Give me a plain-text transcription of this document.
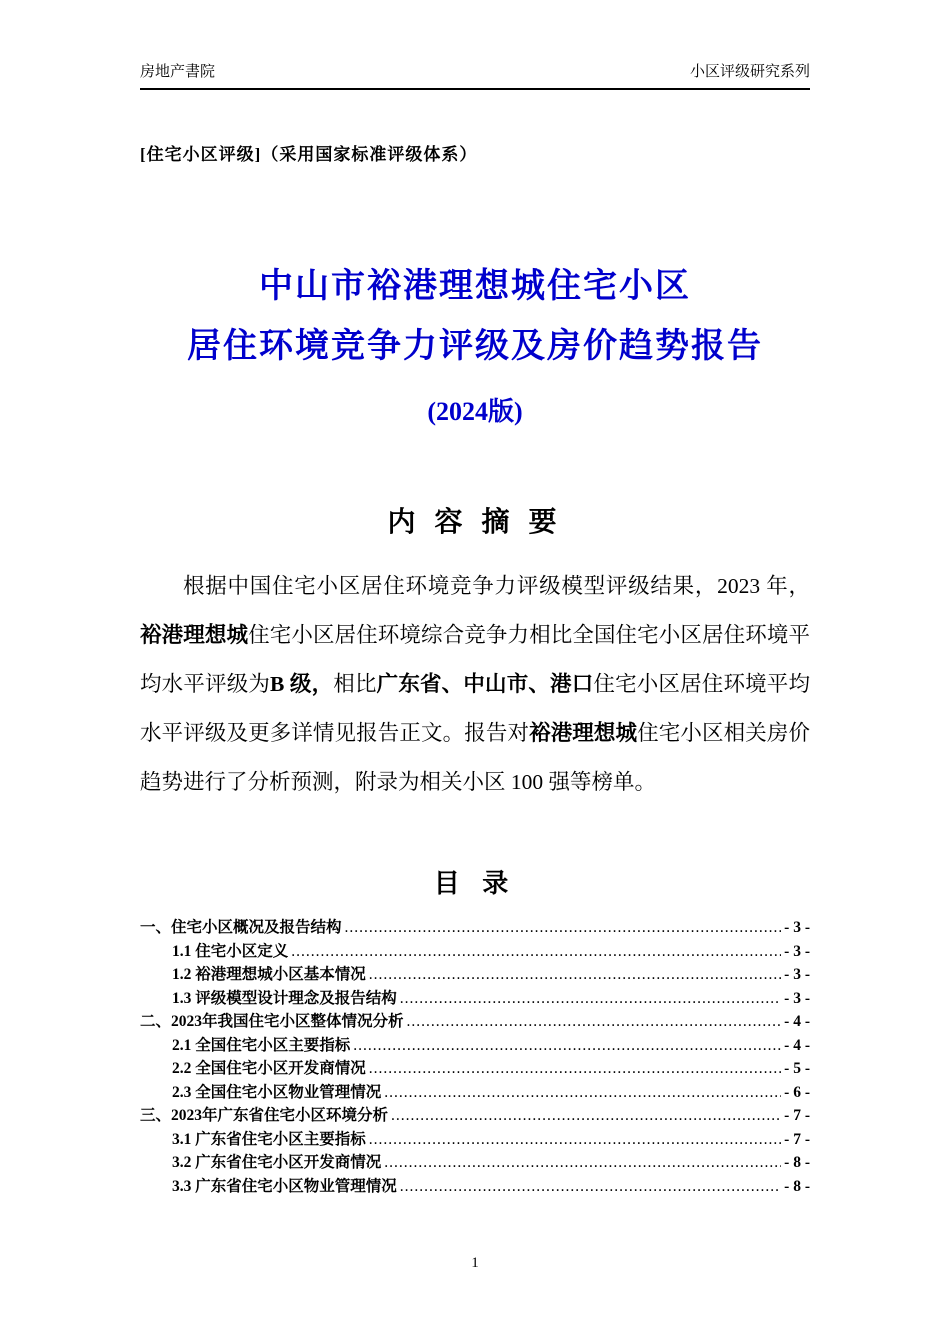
房地产書院	小区评级研究系列
[住宅小区评级]（采用国家标准评级体系）
中山市裕港理想城住宅小区
居住环境竞争力评级及房价趋势报告
(2024版)
内 容 摘 要

根据中国住宅小区居住环境竞争力评级模型评级结果，2023 年，裕港理想城住宅小区居住环境综合竞争力相比全国住宅小区居住环境平均水平评级为B 级，相比广东省、中山市、港口住宅小区居住环境平均水平评级及更多详情见报告正文。报告对裕港理想城住宅小区相关房价趋势进行了分析预测，附录为相关小区 100 强等榜单。

目 录
一、住宅小区概况及报告结构 .....	- 3 -
1.1 住宅小区定义 .....	- 3 -
1.2 裕港理想城小区基本情况 .....	- 3 -
1.3 评级模型设计理念及报告结构 .....	- 3 -
二、2023年我国住宅小区整体情况分析 .....	- 4 -
2.1 全国住宅小区主要指标 .....	- 4 -
2.2 全国住宅小区开发商情况 .....	- 5 -
2.3 全国住宅小区物业管理情况 .....	- 6 -
三、2023年广东省住宅小区环境分析 .....	- 7 -
3.1 广东省住宅小区主要指标 .....	- 7 -
3.2 广东省住宅小区开发商情况 .....	- 8 -
3.3 广东省住宅小区物业管理情况 .....	- 8 -
1
